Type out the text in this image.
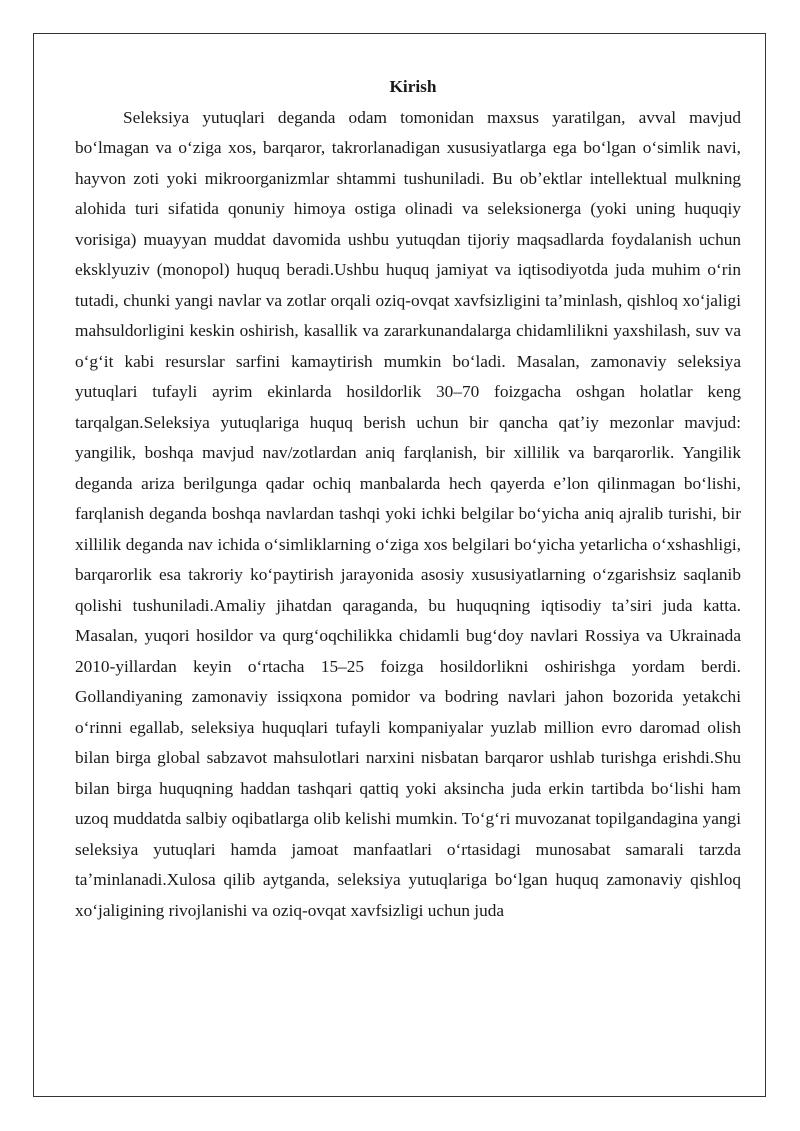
Kirish

Seleksiya yutuqlari deganda odam tomonidan maxsus yaratilgan, avval mavjud boʻlmagan va oʻziga xos, barqaror, takrorlanadigan xususiyatlarga ega boʻlgan oʻsimlik navi, hayvon zoti yoki mikroorganizmlar shtammi tushuniladi. Bu obʼektlar intellektual mulkning alohida turi sifatida qonuniy himoya ostiga olinadi va seleksionerga (yoki uning huquqiy vorisiga) muayyan muddat davomida ushbu yutuqdan tijoriy maqsadlarda foydalanish uchun eksklyuziv (monopol) huquq beradi.Ushbu huquq jamiyat va iqtisodiyotda juda muhim oʻrin tutadi, chunki yangi navlar va zotlar orqali oziq-ovqat xavfsizligini taʼminlash, qishloq xoʻjaligi mahsuldorligini keskin oshirish, kasallik va zararkunandalarga chidamlilikni yaxshilash, suv va oʻgʻit kabi resurslar sarfini kamaytirish mumkin boʻladi. Masalan, zamonaviy seleksiya yutuqlari tufayli ayrim ekinlarda hosildorlik 30–70 foizgacha oshgan holatlar keng tarqalgan.Seleksiya yutuqlariga huquq berish uchun bir qancha qatʼiy mezonlar mavjud: yangilik, boshqa mavjud nav/zotlardan aniq farqlanish, bir xillilik va barqarorlik. Yangilik deganda ariza berilgunga qadar ochiq manbalarda hech qayerda eʼlon qilinmagan boʻlishi, farqlanish deganda boshqa navlardan tashqi yoki ichki belgilar boʻyicha aniq ajralib turishi, bir xillilik deganda nav ichida oʻsimliklarning oʻziga xos belgilari boʻyicha yetarlicha oʻxshashligi, barqarorlik esa takroriy koʻpaytirish jarayonida asosiy xususiyatlarning oʻzgarishsiz saqlanib qolishi tushuniladi.Amaliy jihatdan qaraganda, bu huquqning iqtisodiy taʼsiri juda katta. Masalan, yuqori hosildor va qurgʻoqchilikka chidamli bugʻdoy navlari Rossiya va Ukrainada 2010-yillardan keyin oʻrtacha 15–25 foizga hosildorlikni oshirishga yordam berdi. Gollandiyaning zamonaviy issiqxona pomidor va bodring navlari jahon bozorida yetakchi oʻrinni egallab, seleksiya huquqlari tufayli kompaniyalar yuzlab million evro daromad olish bilan birga global sabzavot mahsulotlari narxini nisbatan barqaror ushlab turishga erishdi.Shu bilan birga huquqning haddan tashqari qattiq yoki aksincha juda erkin tartibda boʻlishi ham uzoq muddatda salbiy oqibatlarga olib kelishi mumkin. Toʻgʻri muvozanat topilgandagina yangi seleksiya yutuqlari hamda jamoat manfaatlari oʻrtasidagi munosabat samarali tarzda taʼminlanadi.Xulosa qilib aytganda, seleksiya yutuqlariga boʻlgan huquq zamonaviy qishloq xoʻjaligining rivojlanishi va oziq-ovqat xavfsizligi uchun juda
